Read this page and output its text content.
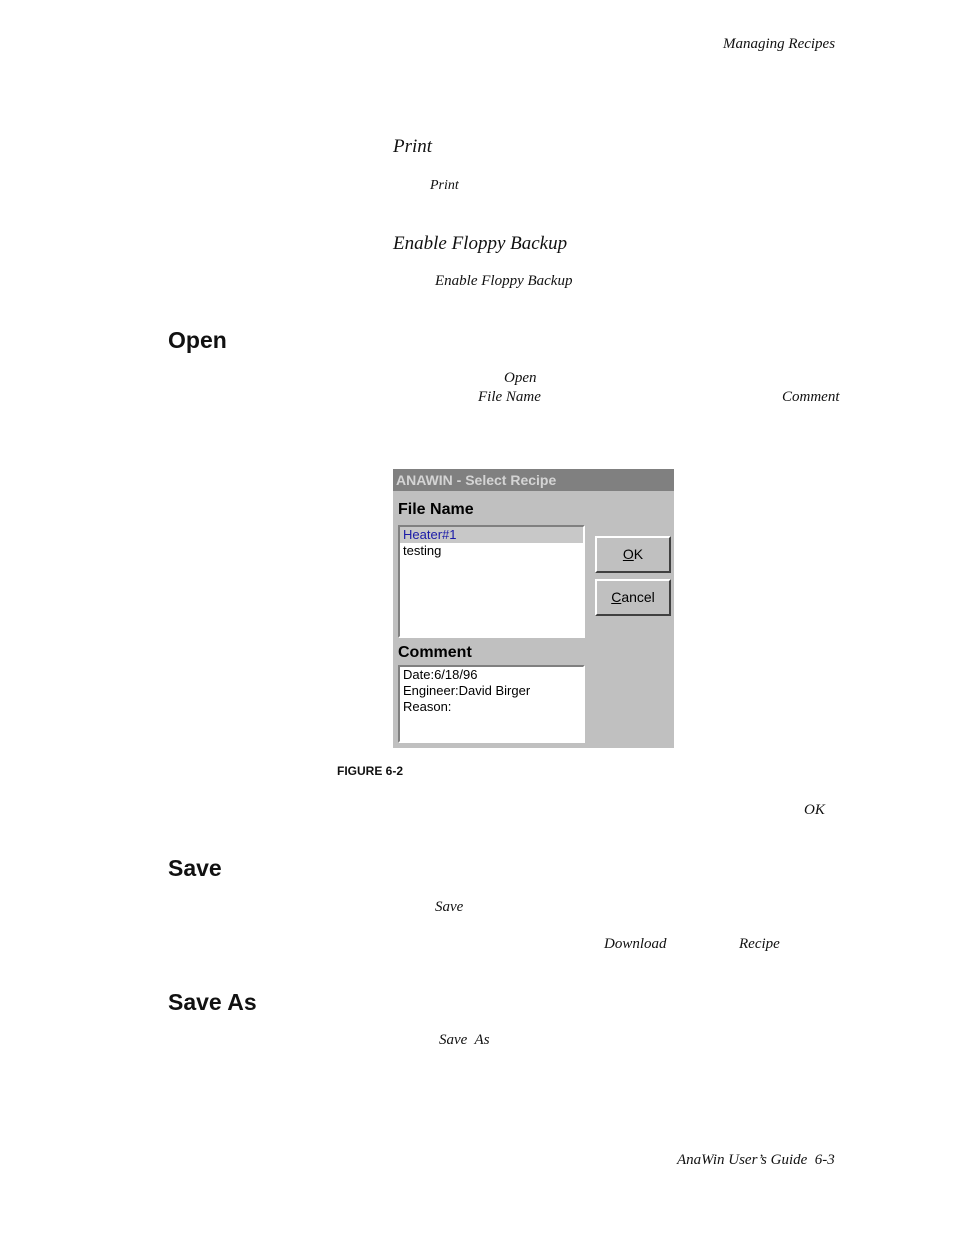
Managing Recipes
Print
Print
Enable Floppy Backup
Enable Floppy Backup
Open
Open
File Name	Comment
ANAWIN - Select Recipe
File Name
Heater#1
testing	OK
Cancel
Comment
Date:6/18/96
Engineer:David Birger
Reason:
FIGURE 6-2
OK
Save
Save
Download	Recipe
Save As
Save  As
AnaWin User’s Guide  6-3
